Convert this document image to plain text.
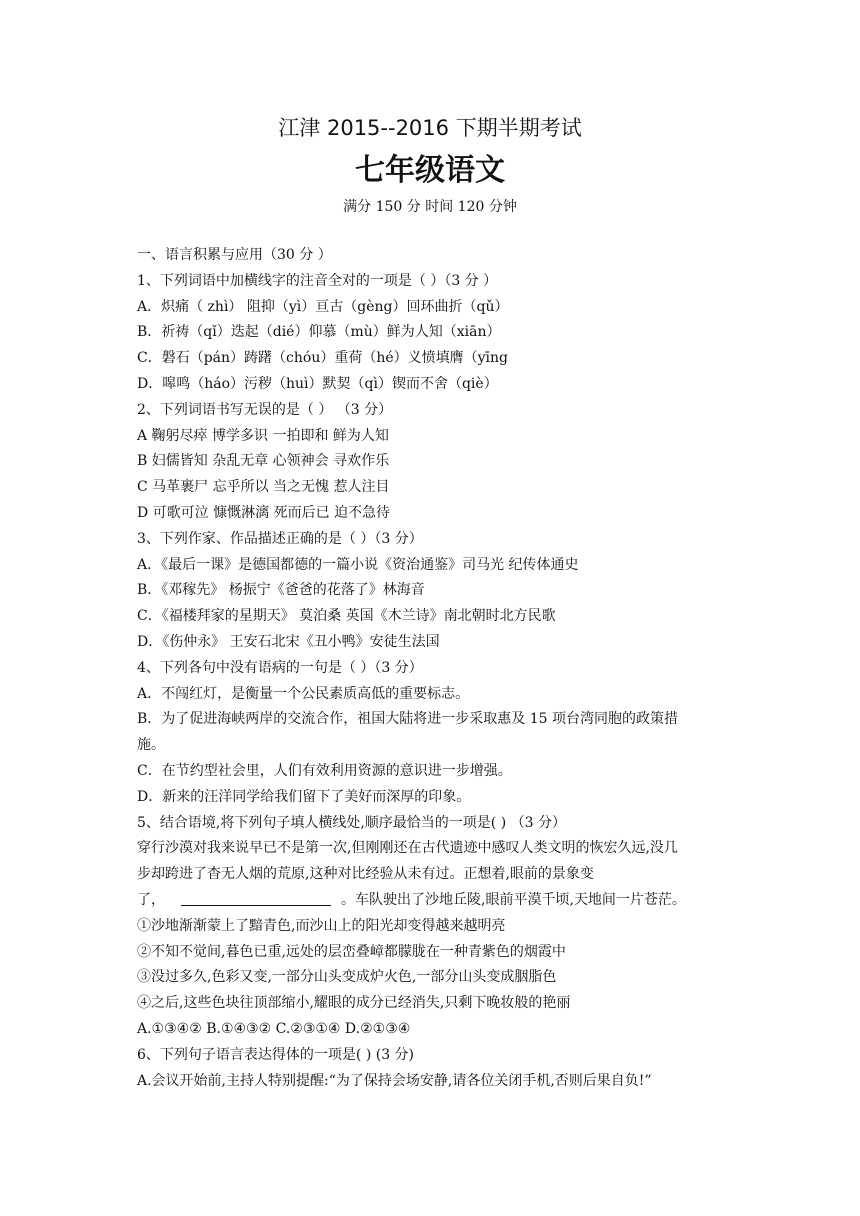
江津 2015--2016 下期半期考试
七年级语文
满分 150 分 时间 120 分钟
一、语言积累与应用（30 分 ）
1、下列词语中加横线字的注音全对的一项是（ ）（3 分 ）
A．炽痛（ zhì） 阻抑（yì）亘古（gèng）回环曲折（qǔ）
B．祈祷（qǐ）迭起（dié）仰慕（mù）鲜为人知（xiān）
C．磐石（pán）踌躇（chóu）重荷（hé）义愤填膺（yīng
D．嗥鸣（háo）污秽（huì）默契（qì）锲而不舍（qiè）
2、下列词语书写无误的是（ ） （3 分）
A 鞠躬尽瘁 博学多识 一拍即和 鲜为人知
B 妇儒皆知 杂乱无章 心领神会 寻欢作乐
C 马革裹尸 忘乎所以 当之无愧 惹人注目
D 可歌可泣 慷慨淋漓 死而后已 迫不急待
3、下列作家、作品描述正确的是（ ）（3 分）
A．《最后一课》是德国都德的一篇小说《资治通鉴》司马光 纪传体通史
B．《邓稼先》 杨振宁《爸爸的花落了》林海音
C．《福楼拜家的星期天》 莫泊桑 英国《木兰诗》南北朝时北方民歌
D．《伤仲永》 王安石北宋《丑小鸭》安徒生法国
4、下列各句中没有语病的一句是（ ）（3 分）
A．不闯红灯，是衡量一个公民素质高低的重要标志。
B．为了促进海峡两岸的交流合作，祖国大陆将进一步采取惠及 15 项台湾同胞的政策措
施。
C．在节约型社会里，人们有效利用资源的意识进一步增强。
D．新来的汪洋同学给我们留下了美好而深厚的印象。
5、结合语境,将下列句子填人横线处,顺序最恰当的一项是( ) （3 分）
穿行沙漠对我来说早已不是第一次,但刚刚还在古代遗迹中感叹人类文明的恢宏久远,没几
步却跨进了杳无人烟的荒原,这种对比经验从未有过。正想着,眼前的景象变
了，	。车队驶出了沙地丘陵,眼前平漠千顷,天地间一片苍茫。
①沙地渐渐蒙上了黯青色,而沙山上的阳光却变得越来越明亮
②不知不觉间,暮色已重,远处的层峦叠嶂都朦胧在一种青紫色的烟霞中
③没过多久,色彩又变,一部分山头变成炉火色,一部分山头变成胭脂色
④之后,这些色块往顶部缩小,耀眼的成分已经消失,只剩下晚妆般的艳丽
A.①③④② B.①④③② C.②③①④ D.②①③④
6、下列句子语言表达得体的一项是( ) (3 分)
A.会议开始前,主持人特别提醒:“为了保持会场安静,请各位关闭手机,否则后果自负!”
